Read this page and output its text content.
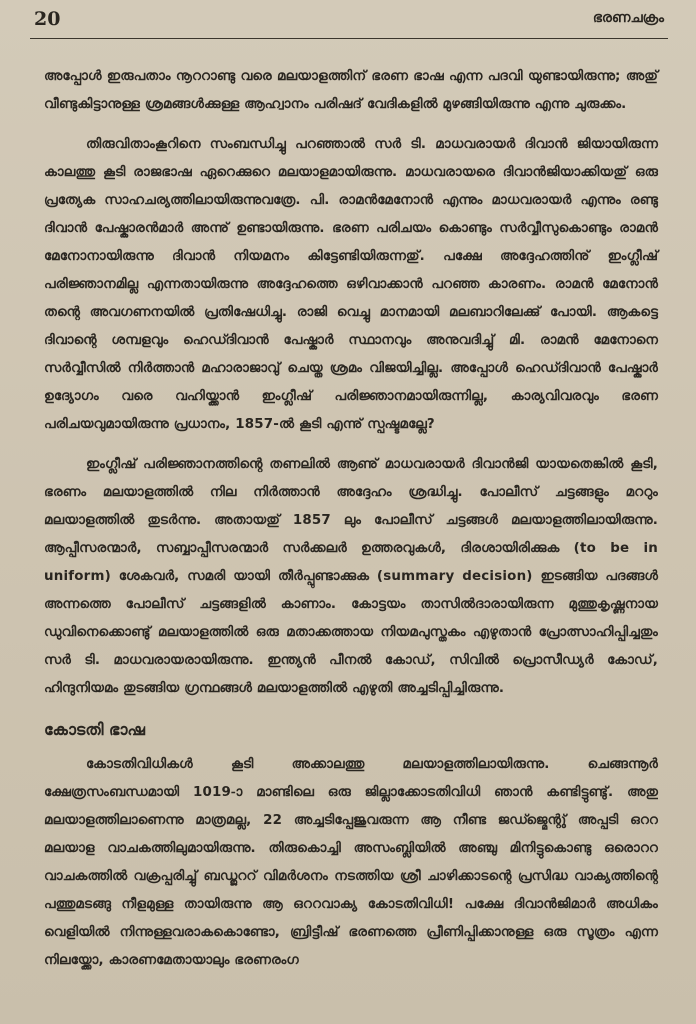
20	ഭരണചക്രം

അപ്പോൾ ഇരുപതാം നൂററാണ്ടു വരെ മലയാളത്തിന് ഭരണ ഭാഷ എന്ന പദവി യുണ്ടായിരുന്നു; അതു് വീണ്ടുകിട്ടാനുള്ള ശ്രമങ്ങൾക്കുള്ള ആഹ്വാനം പരിഷദ് വേദികളിൽ മുഴങ്ങിയിരുന്നു എന്നു ചുരുക്കം.

തിരുവിതാംകൂറിനെ സംബന്ധിച്ചു പറഞ്ഞാൽ സർ ടി. മാധവരായർ ദിവാൻ ജിയായിരുന്ന കാലത്തു കൂടി രാജഭാഷ ഏറെക്കുറെ മലയാളമായിരുന്നു. മാധവരായരെ ദിവാൻജിയാക്കിയതു് ഒരു പ്രത്യേക സാഹചര്യത്തിലായിരുന്നുവത്രേ. പി. രാമൻമേനോൻ എന്നും മാധവരായർ എന്നും രണ്ടു ദിവാൻ പേഷ്കാരൻമാർ അന്നു് ഉണ്ടായിരുന്നു. ഭരണ പരിചയം കൊണ്ടും സർവ്വീസുകൊണ്ടും രാമൻ മേനോനായിരുന്നു ദിവാൻ നിയമനം കിട്ടേണ്ടിയിരുന്നതു്. പക്ഷേ അദ്ദേഹത്തിനു് ഇംഗ്ലീഷ് പരിജ്ഞാനമില്ല എന്നതായിരുന്നു അദ്ദേഹത്തെ ഒഴിവാക്കാൻ പറഞ്ഞ കാരണം. രാമൻ മേനോൻ തന്റെ അവഗണനയിൽ പ്രതിഷേധിച്ചു. രാജി വെച്ചു മാനമായി മലബാറിലേക്കു് പോയി. ആകട്ടെ ദിവാന്റെ ശമ്പളവും ഹെഡ്ദിവാൻ പേഷ്കാർ സ്ഥാനവും അനുവദിച്ചു് മി. രാമൻ മേനോനെ സർവ്വീസിൽ നിർത്താൻ മഹാരാജാവു് ചെയ്ത ശ്രമം വിജയിച്ചില്ല. അപ്പോൾ ഹെഡ്ദിവാൻ പേഷ്കാർ ഉദ്യോഗം വരെ വഹിയ്ക്കാൻ ഇംഗ്ലീഷ് പരിജ്ഞാനമായിരുന്നില്ല, കാര്യവിവരവും ഭരണ പരിചയവുമായിരുന്നു പ്രധാനം, 1857-ൽ കൂടി എന്നു് സ്പഷ്ടമല്ലേ?

ഇംഗ്ലീഷ് പരിജ്ഞാനത്തിന്റെ തണലിൽ ആണു് മാധവരായർ ദിവാൻജി യായതെങ്കിൽ കൂടി, ഭരണം മലയാളത്തിൽ നില നിർത്താൻ അദ്ദേഹം ശ്രദ്ധിച്ചു. പോലീസ് ചട്ടങ്ങളും മററും മലയാളത്തിൽ തുടർന്നു. അതായതു് 1857 ലും പോലീസ് ചട്ടങ്ങൾ മലയാളത്തിലായിരുന്നു. ആപ്പീസരന്മാർ, സബ്ബാപ്പീസരന്മാർ സർക്കലർ ഉത്തരവുകൾ, ദിരശായിരിക്കുക (to be in uniform) ശേകവർ, സമരി യായി തീർപ്പുണ്ടാക്കുക (summary decision) ഇടങ്ങിയ പദങ്ങൾ അന്നത്തെ പോലീസ് ചട്ടങ്ങളിൽ കാണാം. കോട്ടയം താസിൽദാരായിരുന്ന മുത്തുകൃഷ്ണനായ ഡുവിനെക്കൊണ്ടു് മലയാളത്തിൽ ഒരു മതാക്കത്തായ നിയമപുസ്തകം എഴുതാൻ പ്രോത്സാഹിപ്പിച്ചതും സർ ടി. മാധവരായരായിരുന്നു. ഇന്ത്യൻ പീനൽ കോഡ്, സിവിൽ പ്രൊസീഡ്യർ കോഡ്, ഹിന്ദുനിയമം തുടങ്ങിയ ഗ്രന്ഥങ്ങൾ മലയാളത്തിൽ എഴുതി അച്ചടിപ്പിച്ചിരുന്നു.

കോടതി ഭാഷ

കോടതിവിധികൾ കൂടി അക്കാലത്തു മലയാളത്തിലായിരുന്നു. ചെങ്ങന്നൂർ ക്ഷേത്രസംബന്ധമായി 1019-ാ മാണ്ടിലെ ഒരു ജില്ലാക്കോടതിവിധി ഞാൻ കണ്ടിട്ടുണ്ടു്. അതു മലയാളത്തിലാണെന്നു മാത്രമല്ല, 22 അച്ചടിപ്പേജുവരുന്ന ആ നീണ്ട ജഡ്ജ്മെന്റു് അപ്പടി ഒററ മലയാള വാചകത്തിലുമായിരുന്നു. തിരുകൊച്ചി അസംബ്ലിയിൽ അഞ്ചു മിനിട്ടുകൊണ്ടു ഒരൊററ വാചകത്തിൽ വക്രപ്പരിച്ചു് ബഡ്ജററ് വിമർശനം നടത്തിയ ശ്രീ ചാഴിക്കാടന്റെ പ്രസിദ്ധ വാക്യത്തിന്റെ പത്തുമടങ്ങു നീളമുള്ള തായിരുന്നു ആ ഒററവാക്യ കോടതിവിധി! പക്ഷേ ദിവാൻജിമാർ അധികം വെളിയിൽ നിന്നുള്ളവരാകകൊണ്ടോ, ബ്രിട്ടീഷ് ഭരണത്തെ പ്രീണിപ്പിക്കാനുള്ള ഒരു സൂത്രം എന്ന നിലയ്ക്കോ, കാരണമേതായാലും ഭരണരംഗ
